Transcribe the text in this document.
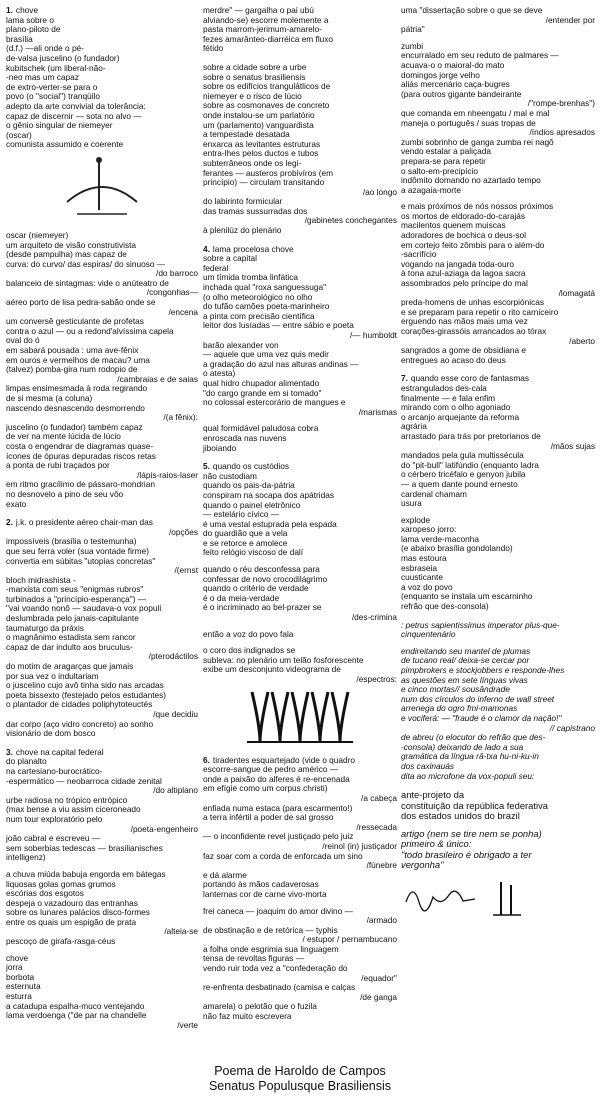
1. chove
lama sobre o
plano-piloto de
brasília
(d.f.) —ali onde o pé-
de-valsa juscelino (o fundador)
kubitschek (um liberal-não-
-neo mas um capaz
de extro-verter-se para o
povo (o "social") tranqüilo
adepto da arte convivial da tolerância:
capaz de discernir — sota no alvo —
o gênio singular de niemeyer
(oscar)
comunista assumido e coerente
oscar (niemeyer)
um arquiteto de visão construtivista
(desde pampulha) mas capaz de
curva: do curvo/ das espiras/ do sinuoso —
/do barroco
balanceio de sintagmas: vide o anúteatro de
/congonhas—
aéreo porto de lisa pedra-sabão onde se
/encena
um conversê gesticulante de profetas
contra o azul — ou a redond'alvíssima capela
oval do ó
em sabará pousada : uma ave-fênix
em ouros e vermelhos de macau? uma
(talvez) pomba-gira num rodopio de
/cambraias e de saias
limpas ensimesmada à roda regirando
de si mesma (a coluna)
nascendo desnascendo desmorrendo
/(a fênix):
juscelino (o fundador) também capaz
de ver na mente lúcida de lúcio
costa o engendrar de diagramas quase-
ícones de ópuras depuradas riscos retas
a ponta de rubi traçados por
/lápis-raios-laser
em ritmo gracílimo de pássaro-mondrian
no desnovelo a pino de seu vôo
exato
2. j.k. o presidente aéreo chair-man das
/opções
impossíveis (brasília o testemunha)
que seu ferra voler (sua vontade firme)
convertia em súbitas "utopias concretas"
/(ernst
bloch midrashista -
-marxista com seus "enigmas rubros"
turbinados a "princípio-esperança") —
"vai voando nonô — saudava-o vox populi
deslumbrada pelo janais-capitulante
taumaturgo da práxis
o magnânimo estadista sem rancor
capaz de dar indulto aos bruculus-
/pterodáctilos
do motim de aragarças que jamais
por sua vez o indultariam
o juscelino cujo avô tinha sido nas arcadas
poeta bissexto (festejado pelos estudantes)
o plantador de cidades poliphytoteuctés
/que decidiu
dar corpo (aço vidro concreto) ao sonho
visionário de dom bosco
3. chove na capital federal
do planalto
na cartesiano-burocrático-
-espermático — neobarroca cidade zenital
/do altiplano
urbe radiosa no trópico entrópico
(max bense a viu assim ciceroneado
num tour exploratório pelo
/poeta-engenheiro
joão cabral e escreveu —
sem soberbias tedescas — brasilianisches
intelligenz)
a chuva miúda babuja engorda em bátegas
liquosas golas gomas grumos
escórias dos esgotos
despeja o vazadouro das entranhas
sobre os lunares palácios disco-formes
entre os quais um espigão de prata
/alteia-se
pescoço de girafa-rasga-céus
chove
jorra
borbota
esternuta
esturra
a cataduрa espalha-muco ventejando
lama verdoenga ("de par na chandelle
/verte
merdre" — gargalha o pai ubú
alviando-se) escorre molemente a
pasta marrom-jerimum-amarelo-
fezes amarânteo-diarréica em fluxo
fétido
sobre a cidade sobre a urbe
sobre o senatus brasiliensis
sobre os edifícios trangulátlicos de
niemeyer e o risco de lúcio
sobre as cosmonaves de concreto
onde instalou-se um parlatório
um (parlamento) vanguardista
a tempestade desatada
enxarca as levitantes estruturas
entra-lhes pelos ductos e tubos
subterrâneos onde os legi-
ferantes — austeros probivíros (em
princípio) — circulam transitando
/ao longo
do labirinto formicular
das tramas sussurradas dos
/gabinetes conchegantes
à plenilúz do plenário
4. lama procelosa chove
sobre a capital
federal
um tímida tromba linfática
inchada qual "roxa sanguessuga"
(o olho meteorológico no olho
do tufão camões poeta-marinheiro
a pinta com precisão científica
leitor dos lusíadas — entre sábio e poeta
/— humboldt
barão alexander von
— aquele que uma vez quis medir
a gradação do azul nas alturas andinas —
o atesta)
qual hidro chupador alimentado
"do cargo grande em si tomado"
no colossal estercorário de mangues e
/marismas
qual formidável paludosa cobra
enroscada nas nuvens
jiboiando
5. quando os custódios
não custodiam
quando os pais-da-pátria
conspiram na socapa dos apátridas
quando o painel eletrônico
— estelário cívico —
é uma vestal estuprada pela espada
do guardião que a vela
e se retorce e amolece
feito relógio viscoso de dalí
quando o réu desconfessa para
confessar de novo crocodilágrimo
quando o critério de verdade
é o da meia-verdade
é o incriminado ao bel-prazer se
/des-crimina
então a voz do povo fala
o coro dos indignados se
subleva: no plenário um telão fosforescente
exibe um desconjunto videograma de
/espectros:
6. tiradentes esquartejado (vide o quadro
escorre-sangue de pedro américo —
onde a paixão do alferes é re-encenada
em efígie como um corpus christi)
/a cabeça
enfiada numa estaca (para escarmento!)
a terra infértil a poder de sal grosso
/ressecada
— o inconfidente revel justiçado pelo juiz
/reinol (in) justiçador
faz soar com a corda de enforcada um sino
/fúnebre
e dá alarme
portando às mãos cadaverosas
lanternas cor de carne vivo-morta
frei caneca — joaquim do amor divino —
/armado
de obstinação e de retórica — typhis
/ estupor / pernambucano
a folha onde esgrimia sua linguagem
tensa de revoltas figuras —
vendo ruir toda vez a "confederação do
/equador"
re-enfrenta desbatinado (camisa e calças
/de ganga
amarela) o pelotão que o fuzila
não faz muito escrevera
uma "dissertação sobre o que se deve
/entender por
pátria"
zumbi
encurralado em seu reduto de palmares —
acuava-o o maioral-do mato
domingos jorge velho
aliás mercenário caça-bugres
(para outros gigante bandeirante
/"rompe-brenhas")
que comanda em nheengatu / mal e mal
maneja o português / suas tropas de
/índios apresados
zumbi sobrinho de ganga zumba rei nagô
vendo estalar a paliçada
prepara-se para repetir
o salto-em-precipício
indômito domando no azartado tempo
a azagaia-morte
e mais próximos de nós nossos próximos
os mortos de eldorado-do-carajás
macilentos quenem muiscas
adoradores de bochica o deus-sol
em cortejo feito zômbis para o além-do
-sacrifício
vogando na jangada toda-ouro
à tona azul-aziaga da lagoa sacra
assombrados pelo príncipe do mal
/lomagatá
preda-homens de unhas escorpiónicas
e se preparam para repetir o rito carniceiro
erguendo nas mãos mais uma vez
corações-girassóis arrancados ao tórax
/aberto
sangrados a gome de obsidiana e
entregues ao acaso do deus
7. quando esse coro de fantasmas
estrangulados des-cala
finalmente — e fala enfim
mirando com o olho agoniado
o arcanjo arquejante da reforma
agrária
arrastado para trás por pretorianos de
/mãos sujas
mandados pela gula multissécula
do "pit-bull" latifúndio (enquanto ladra
o cérbero tricéfalo e genyon jubila
— a quem dante pound ernesto
cardenal chamam
usura
explode
xaropeso jorro:
lama verde-maconha
(e abaixo brasília gondolando)
mas estoura
esbraseia
cuusticante
a voz do povo
(enquanto se instala um escarninho
refrão que des-consola)
: petrus sapientissimus imperator plus-que-
cinquentenário
endireitando seu mantel de plumas
de tucano real/ deixa-se cercar por
pimpbrokers e stockjobbers e responde-lhes
as questões em sete línguas vivas
e cinco mortas// sousândrade
num dos círculos do inferno de wall street
arrenega do ogro fmi-mamonas
e vociferá: — "fraude é o clamor da nação!"
// capistrano
de abreu (o elocutor do refrão que des-
-consola) deixando de lado a sua
gramática da língua râ-txa hu-ni-ku-in
dos caxinauás
dita ao microfone da vox-populi seu:
ante-projeto da
constituição da república federativa
dos estados unidos do brazil
artigo (nem se tire nem se ponha)
primeiro & único:
"todo brasileiro é obrigado a ter
vergonha"
Poema de Haroldo de Campos
Senatus Populusque Brasiliensis
